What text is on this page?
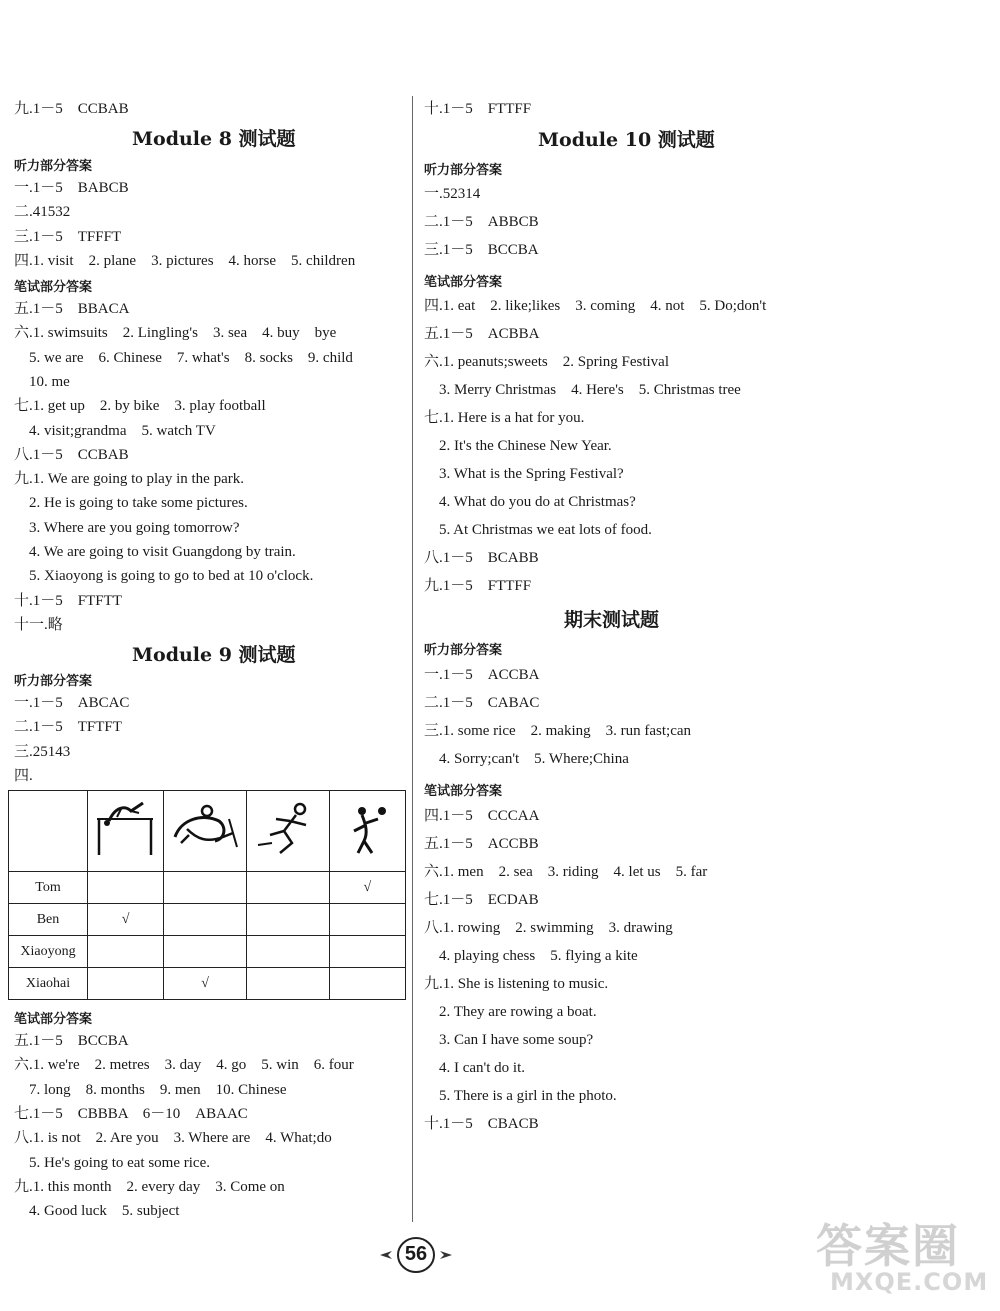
九.1－5　CCBAB
Module 8 测试题
听力部分答案
一.1－5　BABCB
二.41532
三.1－5　TFFFT
四.1. visit　2. plane　3. pictures　4. horse　5. children
笔试部分答案
五.1－5　BBACA
六.1. swimsuits　2. Lingling's　3. sea　4. buy　bye
　5. we are　6. Chinese　7. what's　8. socks　9. child
　10. me
七.1. get up　2. by bike　3. play football
　4. visit;grandma　5. watch TV
八.1－5　CCBAB
九.1. We are going to play in the park.
　2. He is going to take some pictures.
　3. Where are you going tomorrow?
　4. We are going to visit Guangdong by train.
　5. Xiaoyong is going to go to bed at 10 o'clock.
十.1－5　FTFTT
十一.略
Module 9 测试题
听力部分答案
一.1－5　ABCAC
二.1－5　TFTFT
三.25143
四.
笔试部分答案
五.1－5　BCCBA
六.1. we're　2. metres　3. day　4. go　5. win　6. four
　7. long　8. months　9. men　10. Chinese
七.1－5　CBBBA　6－10　ABAAC
八.1. is not　2. Are you　3. Where are　4. What;do
　5. He's going to eat some rice.
九.1. this month　2. every day　3. Come on
　4. Good luck　5. subject

Tom				√
Ben	√			
Xiaoyong				
Xiaohai		√		
十.1－5　FTTFF
Module 10 测试题
听力部分答案
一.52314
二.1－5　ABBCB
三.1－5　BCCBA
笔试部分答案
四.1. eat　2. like;likes　3. coming　4. not　5. Do;don't
五.1－5　ACBBA
六.1. peanuts;sweets　2. Spring Festival
　3. Merry Christmas　4. Here's　5. Christmas tree
七.1. Here is a hat for you.
　2. It's the Chinese New Year.
　3. What is the Spring Festival?
　4. What do you do at Christmas?
　5. At Christmas we eat lots of food.
八.1－5　BCABB
九.1－5　FTTFF
期末测试题
听力部分答案
一.1－5　ACCBA
二.1－5　CABAC
三.1. some rice　2. making　3. run fast;can
　4. Sorry;can't　5. Where;China
笔试部分答案
四.1－5　CCCAA
五.1－5　ACCBB
六.1. men　2. sea　3. riding　4. let us　5. far
七.1－5　ECDAB
八.1. rowing　2. swimming　3. drawing
　4. playing chess　5. flying a kite
九.1. She is listening to music.
　2. They are rowing a boat.
　3. Can I have some soup?
　4. I can't do it.
　5. There is a girl in the photo.
十.1－5　CBACB
56	答案圈
MXQE.COM
